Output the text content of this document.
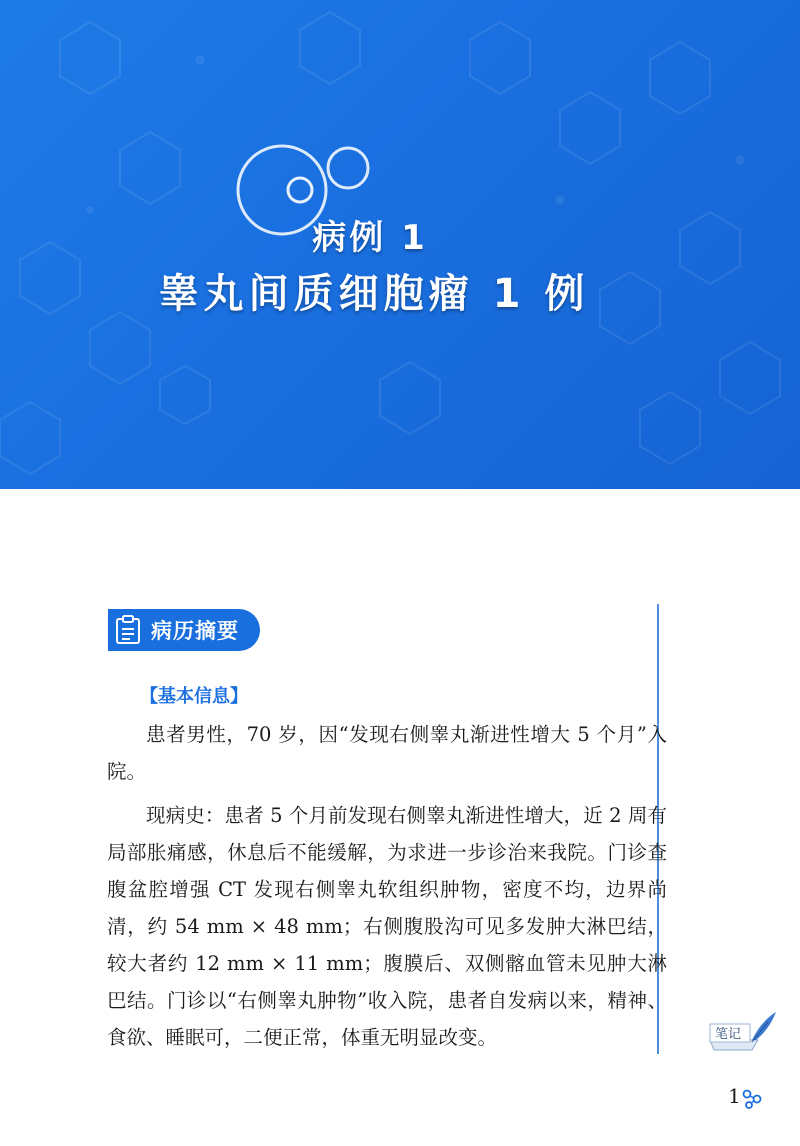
病例 1
睾丸间质细胞瘤 1 例
病历摘要
【基本信息】

患者男性，70 岁，因“发现右侧睾丸渐进性增大 5 个月”入院。

现病史：患者 5 个月前发现右侧睾丸渐进性增大，近 2 周有局部胀痛感，休息后不能缓解，为求进一步诊治来我院。门诊查腹盆腔增强 CT 发现右侧睾丸软组织肿物，密度不均，边界尚清，约 54 mm × 48 mm；右侧腹股沟可见多发肿大淋巴结，较大者约 12 mm × 11 mm；腹膜后、双侧髂血管未见肿大淋巴结。门诊以“右侧睾丸肿物”收入院，患者自发病以来，精神、食欲、睡眠可，二便正常，体重无明显改变。	笔记
1
